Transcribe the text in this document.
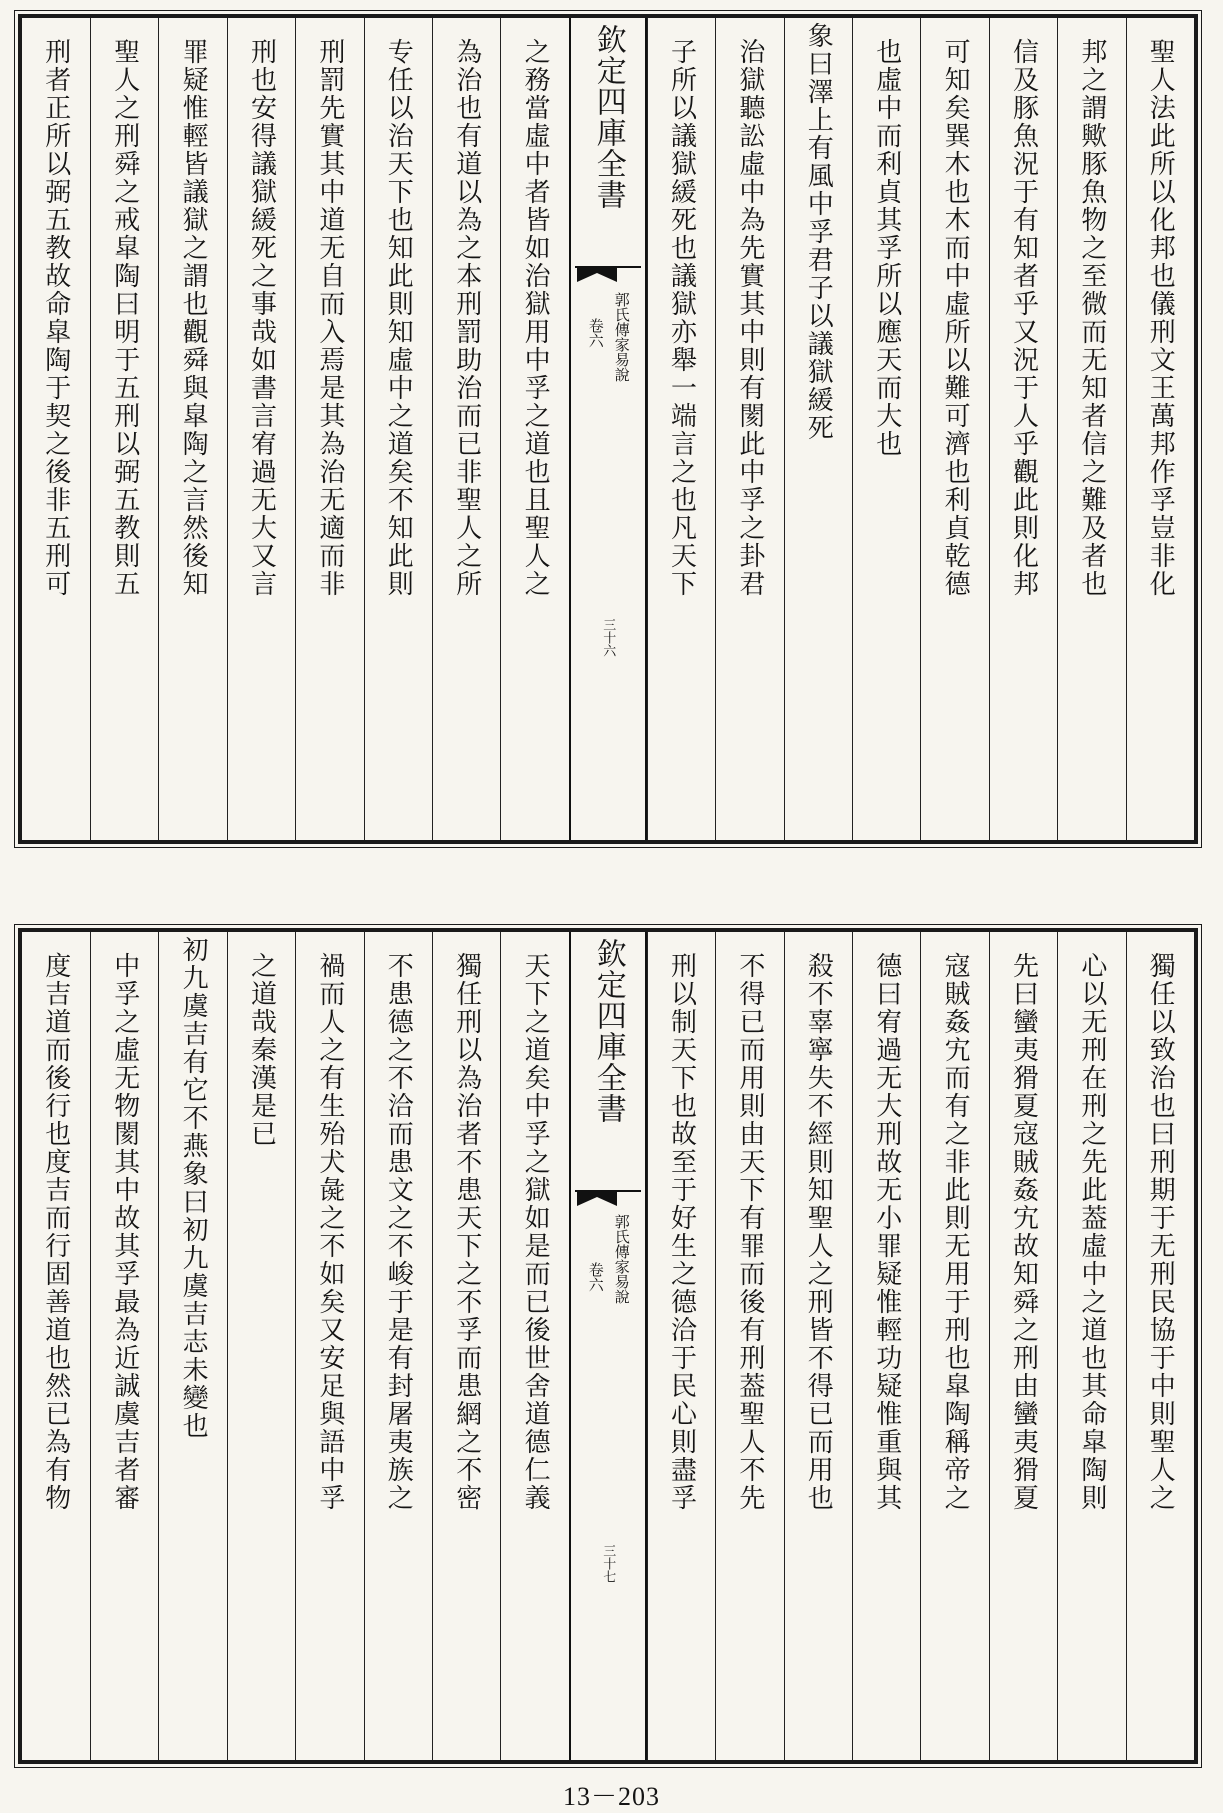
欽定四庫全書
郭氏傳家易說
卷六
三十六
聖人法此所以化邦也儀刑文王萬邦作孚豈非化
邦之謂歟豚魚物之至微而无知者信之難及者也
信及豚魚況于有知者乎又況于人乎觀此則化邦
可知矣巽木也木而中虛所以難可濟也利貞乾德
也虛中而利貞其孚所以應天而大也
象曰澤上有風中孚君子以議獄緩死
治獄聽訟虛中為先實其中則有閡此中孚之卦君
子所以議獄緩死也議獄亦舉一端言之也凡天下
之務當虛中者皆如治獄用中孚之道也且聖人之
為治也有道以為之本刑罰助治而已非聖人之所
专任以治天下也知此則知虛中之道矣不知此則
刑罰先實其中道无自而入焉是其為治无適而非
刑也安得議獄緩死之事哉如書言宥過无大又言
罪疑惟輕皆議獄之謂也觀舜與皐陶之言然後知
聖人之刑舜之戒皐陶曰明于五刑以弼五教則五
刑者正所以弼五教故命皐陶于契之後非五刑可
欽定四庫全書
郭氏傳家易說
卷六
三十七
獨任以致治也曰刑期于无刑民協于中則聖人之
心以无刑在刑之先此葢虛中之道也其命皐陶則
先曰蠻夷猾夏寇賊姦宄故知舜之刑由蠻夷猾夏
寇賊姦宄而有之非此則无用于刑也皐陶稱帝之
德曰宥過无大刑故无小罪疑惟輕功疑惟重與其
殺不辜寧失不經則知聖人之刑皆不得已而用也
不得已而用則由天下有罪而後有刑葢聖人不先
刑以制天下也故至于好生之德洽于民心則盡孚
天下之道矣中孚之獄如是而已後世舍道德仁義
獨任刑以為治者不患天下之不孚而患網之不密
不患德之不洽而患文之不峻于是有封屠夷族之
禍而人之有生殆犬彘之不如矣又安足與語中孚
之道哉秦漢是已
初九虞吉有它不燕象曰初九虞吉志未變也
中孚之虛无物閡其中故其孚最為近誠虞吉者審
度吉道而後行也度吉而行固善道也然已為有物
13－203
